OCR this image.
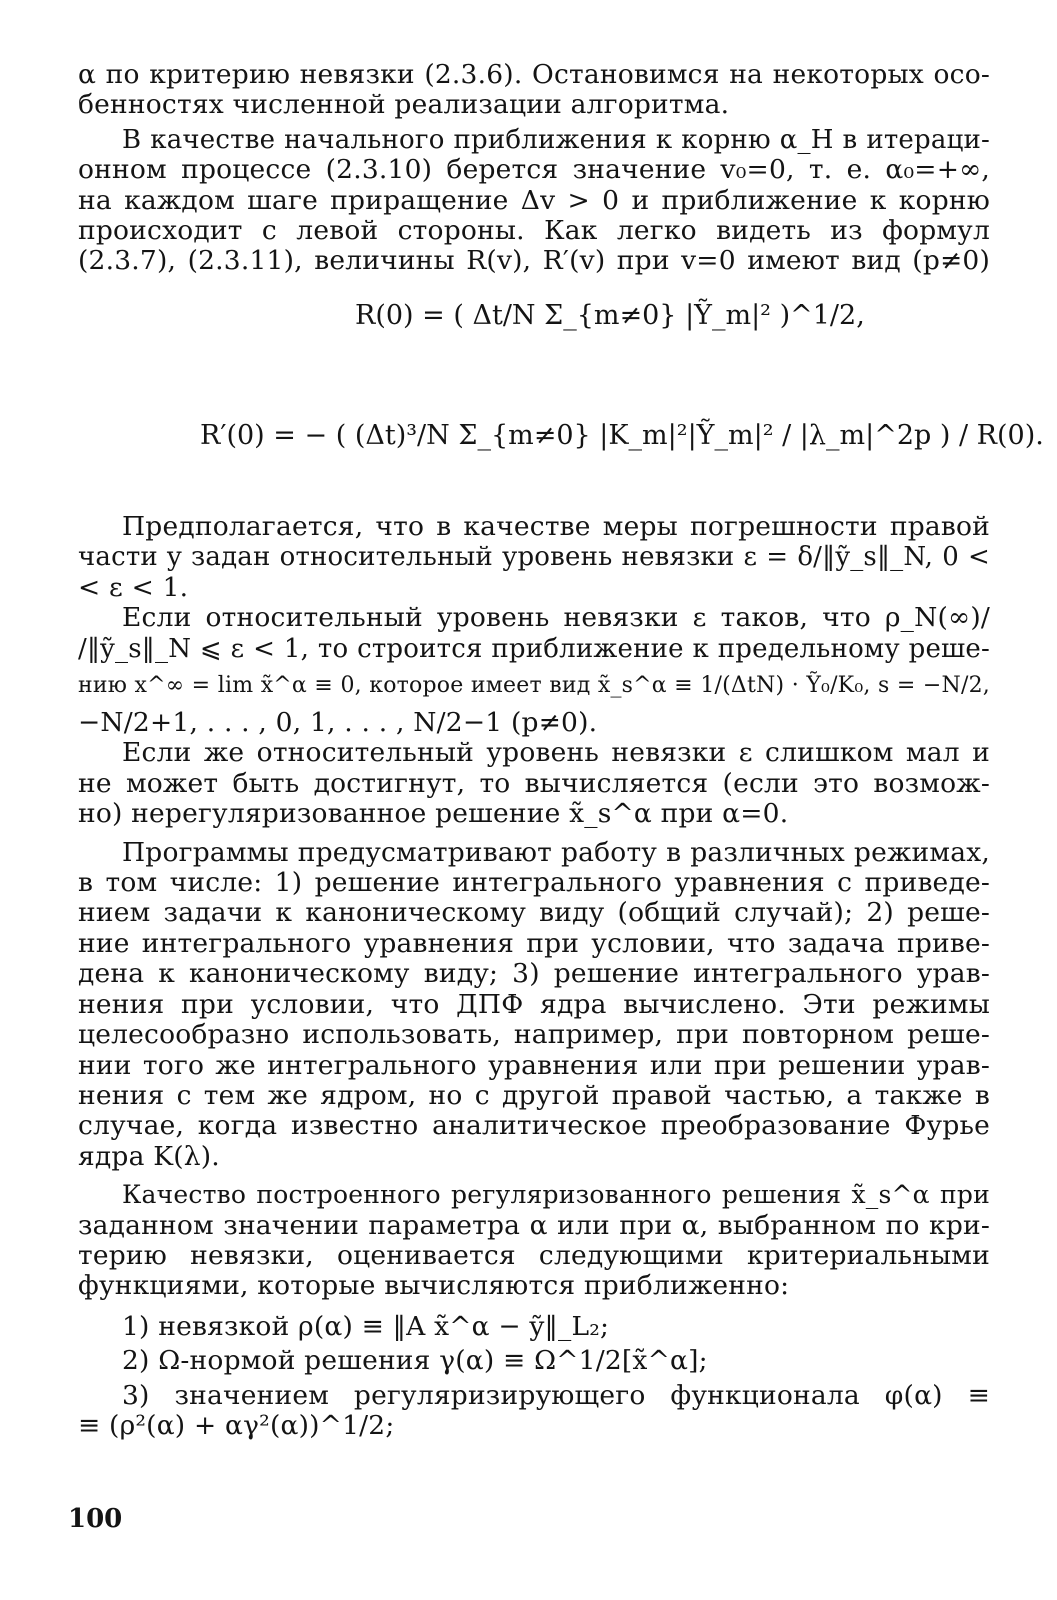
α по критерию невязки (2.3.6). Остановимся на некоторых осо-
бенностях численной реализации алгоритма.
В качестве начального приближения к корню α_H в итераци-
онном процессе (2.3.10) берется значение v₀=0, т. е. α₀=+∞,
на каждом шаге приращение Δv > 0 и приближение к корню
происходит с левой стороны. Как легко видеть из формул
(2.3.7), (2.3.11), величины R(v), R′(v) при v=0 имеют вид (p≠0)
R(0) = ( Δt/N Σ_{m≠0} |Ỹ_m|² )^1/2,
R′(0) = − ( (Δt)³/N Σ_{m≠0} |K_m|²|Ỹ_m|² / |λ_m|^2p ) / R(0).
Предполагается, что в качестве меры погрешности правой
части y задан относительный уровень невязки ε = δ/‖ỹ_s‖_N, 0 <
< ε < 1.
Если относительный уровень невязки ε таков, что ρ_N(∞)/
/‖ỹ_s‖_N ⩽ ε < 1, то строится приближение к предельному реше-
нию x^∞ = lim x̃^α ≡ 0, которое имеет вид x̃_s^α ≡ 1/(ΔtN) · Ỹ₀/K₀, s = −N/2,
−N/2+1, . . . , 0, 1, . . . , N/2−1 (p≠0).
Если же относительный уровень невязки ε слишком мал и
не может быть достигнут, то вычисляется (если это возмож-
но) нерегуляризованное решение x̃_s^α при α=0.
Программы предусматривают работу в различных режимах,
в том числе: 1) решение интегрального уравнения с приведе-
нием задачи к каноническому виду (общий случай); 2) реше-
ние интегрального уравнения при условии, что задача приве-
дена к каноническому виду; 3) решение интегрального урав-
нения при условии, что ДПФ ядра вычислено. Эти режимы
целесообразно использовать, например, при повторном реше-
нии того же интегрального уравнения или при решении урав-
нения с тем же ядром, но с другой правой частью, а также в
случае, когда известно аналитическое преобразование Фурье
ядра K(λ).
Качество построенного регуляризованного решения x̃_s^α при
заданном значении параметра α или при α, выбранном по кри-
терию невязки, оценивается следующими критериальными
функциями, которые вычисляются приближенно:
1) невязкой ρ(α) ≡ ‖A x̃^α − ỹ‖_L₂;
2) Ω-нормой решения γ(α) ≡ Ω^1/2[x̃^α];
3) значением регуляризирующего функционала φ(α) ≡
≡ (ρ²(α) + αγ²(α))^1/2;
100
